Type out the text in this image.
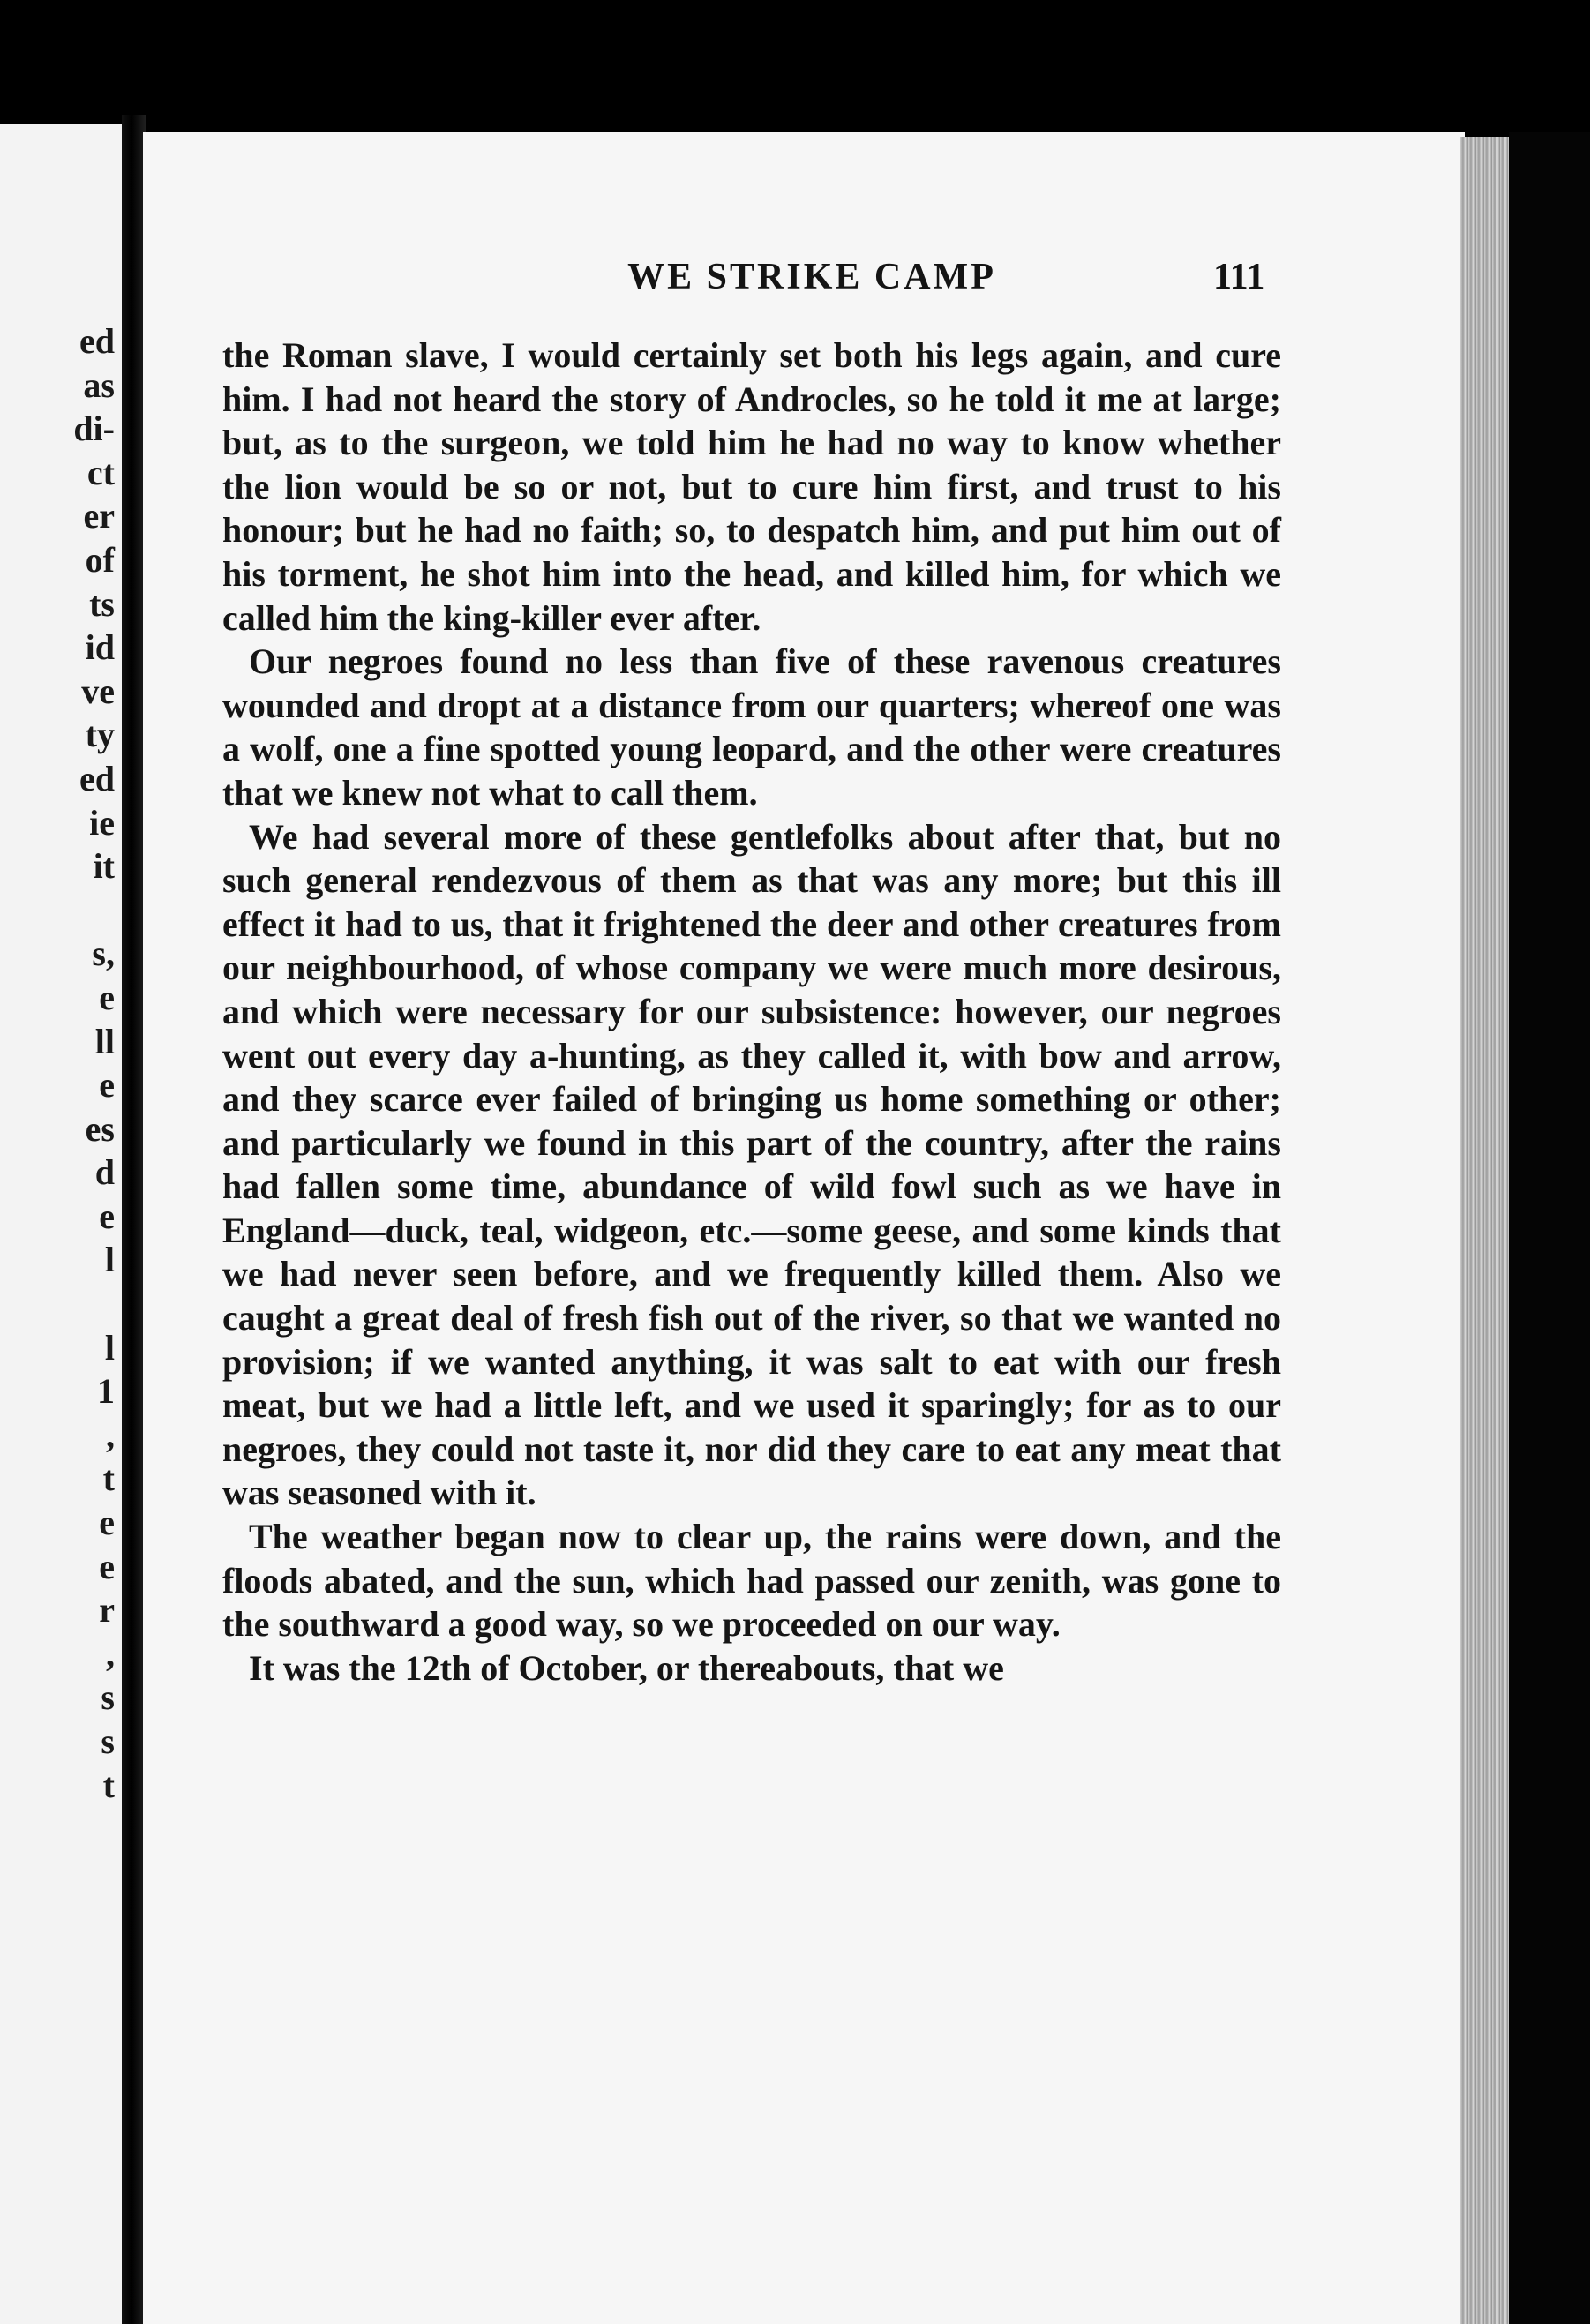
ed
as
di-
ct
er
of
ts
id
ve
ty
ed
ie
it
s,
e
ll
e
es
d
e
l
l
1
,
t
e
e
r
,
s
s
t
WE STRIKE CAMP	111

the Roman slave, I would certainly set both his legs again, and cure him. I had not heard the story of Androcles, so he told it me at large; but, as to the surgeon, we told him he had no way to know whether the lion would be so or not, but to cure him first, and trust to his honour; but he had no faith; so, to despatch him, and put him out of his torment, he shot him into the head, and killed him, for which we called him the king-killer ever after.

Our negroes found no less than five of these ravenous creatures wounded and dropt at a distance from our quarters; whereof one was a wolf, one a fine spotted young leopard, and the other were creatures that we knew not what to call them.

We had several more of these gentlefolks about after that, but no such general rendezvous of them as that was any more; but this ill effect it had to us, that it frightened the deer and other creatures from our neighbourhood, of whose company we were much more desirous, and which were necessary for our subsistence: however, our negroes went out every day a-hunting, as they called it, with bow and arrow, and they scarce ever failed of bringing us home something or other; and particularly we found in this part of the country, after the rains had fallen some time, abundance of wild fowl such as we have in England—duck, teal, widgeon, etc.—some geese, and some kinds that we had never seen before, and we frequently killed them. Also we caught a great deal of fresh fish out of the river, so that we wanted no provision; if we wanted anything, it was salt to eat with our fresh meat, but we had a little left, and we used it sparingly; for as to our negroes, they could not taste it, nor did they care to eat any meat that was seasoned with it.

The weather began now to clear up, the rains were down, and the floods abated, and the sun, which had passed our zenith, was gone to the southward a good way, so we proceeded on our way.

It was the 12th of October, or thereabouts, that we
